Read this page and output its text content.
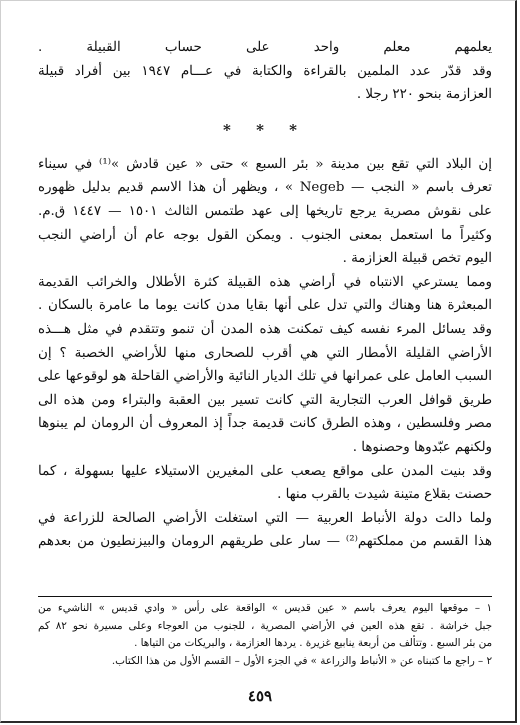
يعلمهم معلم واحد على حساب القبيلة .
وقد قدّر عدد الملمين بالقراءة والكتابة في عـــام ١٩٤٧ بين أفراد قبيلة
العزازمة بنحو ٢٢٠ رجلا .
* * *
إن البلاد التي تقع بين مدينة « بئر السبع » حتى « عين قادش »⁽¹⁾ في سيناء
تعرف باسم « النجب — Negeb » ، ويظهر أن هذا الاسم قديم بدليل ظهوره
على نقوش مصرية يرجع تاريخها إلى عهد طتمس الثالث ١٥٠١ — ١٤٤٧ ق.م.
وكثيراً ما استعمل بمعنى الجنوب . ويمكن القول بوجه عام أن أراضي النجب
اليوم تخص قبيلة العزازمة .
ومما يسترعي الانتباه في أراضي هذه القبيلة كثرة الأطلال والخرائب القديمة
المبعثرة هنا وهناك والتي تدل على أنها بقايا مدن كانت يوما ما عامرة بالسكان .
وقد يسائل المرء نفسه كيف تمكنت هذه المدن أن تنمو وتتقدم في مثل هـــذه
الأراضي القليلة الأمطار التي هي أقرب للصحارى منها للأراضي الخصبة ؟ إن
السبب العامل على عمرانها في تلك الديار النائية والأراضي القاحلة هو لوقوعها على
طريق قوافل العرب التجارية التي كانت تسير بين العقبة والبتراء ومن هذه الى
مصر وفلسطين ، وهذه الطرق كانت قديمة جداً إذ المعروف أن الرومان لم يبنوها
ولكنهم عبّدوها وحصنوها .
وقد بنيت المدن على مواقع يصعب على المغيرين الاستيلاء عليها بسهولة ، كما
حصنت بقلاع متينة شيدت بالقرب منها .
ولما دالت دولة الأنباط العربية — التي استغلت الأراضي الصالحة للزراعة في
هذا القسم من مملكتهم⁽²⁾ — سار على طريقهم الرومان والبيزنطيون من بعدهم
١ – موقعها اليوم يعرف باسم « عين قديس » الواقعة على رأس « وادي قديس » الناشيء من
جبل خراشة . تقع هذه العين في الأراضي المصرية ، للجنوب من العوجاء وعلى مسيرة نحو ٨٢ كم
من بئر السبع . وتتألف من أربعة ينابيع غزيرة . يردها العزازمة ، والبريكات من التياها .
٢ – راجع ما كتبناه عن « الأنباط والزراعة » في الجزء الأول – القسم الأول من هذا الكتاب.
٤٥٩
